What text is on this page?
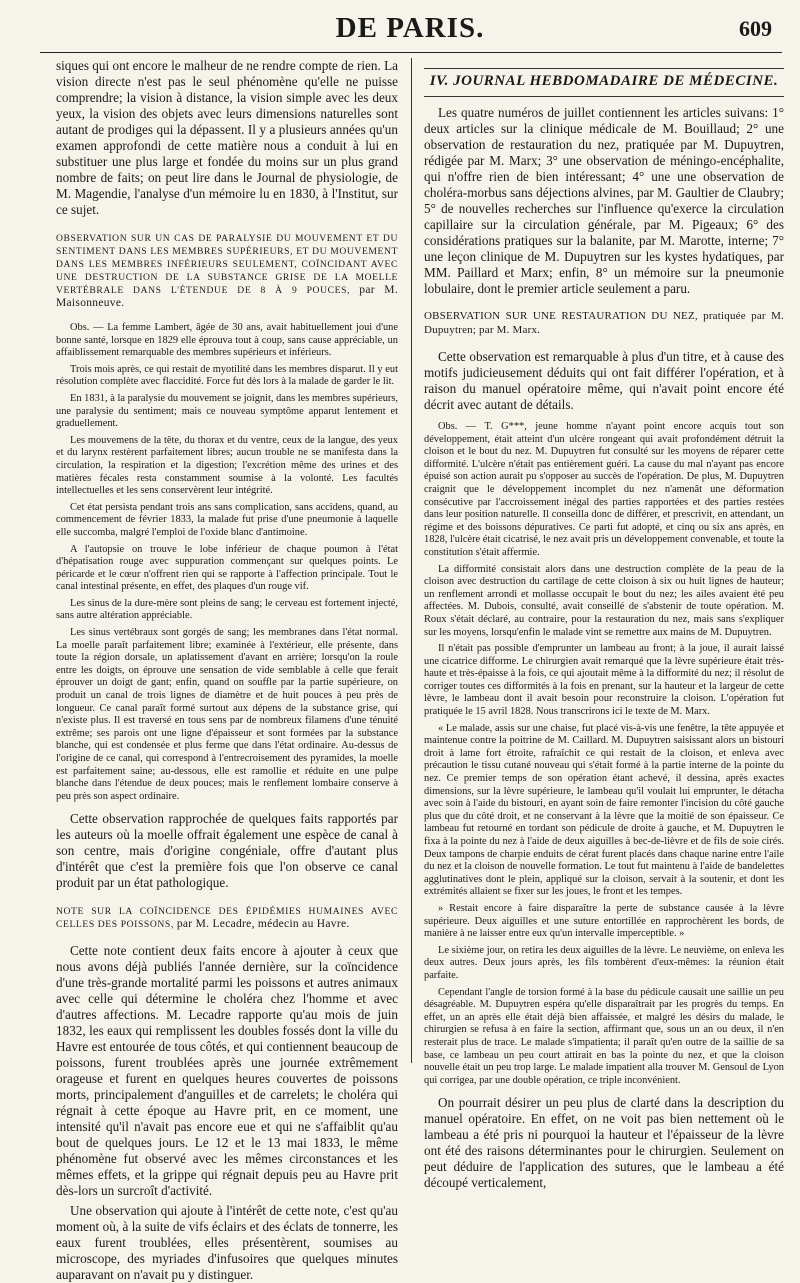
DE PARIS.	609

siques qui ont encore le malheur de ne rendre compte de rien. La vision directe n'est pas le seul phénomène qu'elle ne puisse comprendre; la vision à distance, la vision simple avec les deux yeux, la vision des objets avec leurs dimensions naturelles sont autant de prodiges qui la dépassent. Il y a plusieurs années qu'un examen approfondi de cette matière nous a conduit à lui en substituer une plus large et fondée du moins sur un plus grand nombre de faits; on peut lire dans le Journal de physiologie, de M. Magendie, l'analyse d'un mémoire lu en 1830, à l'Institut, sur ce sujet.

OBSERVATION SUR UN CAS DE PARALYSIE DU MOUVEMENT ET DU SENTIMENT DANS LES MEMBRES SUPÉRIEURS, ET DU MOUVEMENT DANS LES MEMBRES INFÉRIEURS SEULEMENT, COÏNCIDANT AVEC UNE DESTRUCTION DE LA SUBSTANCE GRISE DE LA MOELLE VERTÉBRALE DANS L'ÉTENDUE DE 8 À 9 POUCES, par M. Maisonneuve.

Obs. — La femme Lambert, âgée de 30 ans, avait habituellement joui d'une bonne santé, lorsque en 1829 elle éprouva tout à coup, sans cause appréciable, un affaiblissement remarquable des membres supérieurs et inférieurs.

Trois mois après, ce qui restait de myotilité dans les membres disparut. Il y eut résolution complète avec flaccidité. Force fut dès lors à la malade de garder le lit.

En 1831, à la paralysie du mouvement se joignit, dans les membres supérieurs, une paralysie du sentiment; mais ce nouveau symptôme apparut lentement et graduellement.

Les mouvemens de la tête, du thorax et du ventre, ceux de la langue, des yeux et du larynx restèrent parfaitement libres; aucun trouble ne se manifesta dans la circulation, la respiration et la digestion; l'excrétion même des urines et des matières fécales resta constamment soumise à la volonté. Les facultés intellectuelles et les sens conservèrent leur intégrité.

Cet état persista pendant trois ans sans complication, sans accidens, quand, au commencement de février 1833, la malade fut prise d'une pneumonie à laquelle elle succomba, malgré l'emploi de l'oxide blanc d'antimoine.

A l'autopsie on trouve le lobe inférieur de chaque poumon à l'état d'hépatisation rouge avec suppuration commençant sur quelques points. Le péricarde et le cœur n'offrent rien qui se rapporte à l'affection principale. Tout le canal intestinal présente, en effet, des plaques d'un rouge vif.

Les sinus de la dure-mère sont pleins de sang; le cerveau est fortement injecté, sans autre altération appréciable.

Les sinus vertébraux sont gorgés de sang; les membranes dans l'état normal. La moelle paraît parfaitement libre; examinée à l'extérieur, elle présente, dans toute la région dorsale, un aplatissement d'avant en arrière; lorsqu'on la roule entre les doigts, on éprouve une sensation de vide semblable à celle que ferait éprouver un doigt de gant; enfin, quand on souffle par la partie supérieure, on produit un canal de trois lignes de diamètre et de huit pouces à peu près de longueur. Ce canal paraît formé surtout aux dépens de la substance grise, qui n'existe plus. Il est traversé en tous sens par de nombreux filamens d'une ténuité extrême; ses parois ont une ligne d'épaisseur et sont formées par la substance blanche, qui est condensée et plus ferme que dans l'état ordinaire. Au-dessus de l'origine de ce canal, qui correspond à l'entrecroisement des pyramides, la moelle est parfaitement saine; au-dessous, elle est ramollie et réduite en une pulpe blanche dans l'étendue de deux pouces; mais le renflement lombaire conserve à peu près son aspect ordinaire.

Cette observation rapprochée de quelques faits rapportés par les auteurs où la moelle offrait également une espèce de canal à son centre, mais d'origine congéniale, offre d'autant plus d'intérêt que c'est la première fois que l'on observe ce canal produit par un état pathologique.

NOTE SUR LA COÏNCIDENCE DES ÉPIDÉMIES HUMAINES AVEC CELLES DES POISSONS, par M. Lecadre, médecin au Havre.

Cette note contient deux faits encore à ajouter à ceux que nous avons déjà publiés l'année dernière, sur la coïncidence d'une très-grande mortalité parmi les poissons et autres animaux avec celle qui détermine le choléra chez l'homme et avec d'autres affections. M. Lecadre rapporte qu'au mois de juin 1832, les eaux qui remplissent les doubles fossés dont la ville du Havre est entourée de tous côtés, et qui contiennent beaucoup de poissons, furent troublées après une journée extrêmement orageuse et furent en quelques heures couvertes de poissons morts, principalement d'anguilles et de carrelets; le choléra qui régnait à cette époque au Havre prit, en ce moment, une intensité qu'il n'avait pas encore eue et qui ne s'affaiblit qu'au bout de quelques jours. Le 12 et le 13 mai 1833, le même phénomène fut observé avec les mêmes circonstances et les mêmes effets, et la grippe qui régnait depuis peu au Havre prit dès-lors un surcroît d'activité.

Une observation qui ajoute à l'intérêt de cette note, c'est qu'au moment où, à la suite de vifs éclairs et des éclats de tonnerre, les eaux furent troublées, elles présentèrent, soumises au microscope, des myriades d'infusoires que quelques minutes auparavant on n'avait pu y distinguer.

IV. JOURNAL HEBDOMADAIRE DE MÉDECINE.

Les quatre numéros de juillet contiennent les articles suivans: 1° deux articles sur la clinique médicale de M. Bouillaud; 2° une observation de restauration du nez, pratiquée par M. Dupuytren, rédigée par M. Marx; 3° une observation de méningo-encéphalite, qui n'offre rien de bien intéressant; 4° une une observation de choléra-morbus sans déjections alvines, par M. Gaultier de Claubry; 5° de nouvelles recherches sur l'influence qu'exerce la circulation capillaire sur la circulation générale, par M. Pigeaux; 6° des considérations pratiques sur la balanite, par M. Marotte, interne; 7° une leçon clinique de M. Dupuytren sur les kystes hydatiques, par MM. Paillard et Marx; enfin, 8° un mémoire sur la pneumonie lobulaire, dont le premier article seulement a paru.

OBSERVATION SUR UNE RESTAURATION DU NEZ, pratiquée par M. Dupuytren; par M. Marx.

Cette observation est remarquable à plus d'un titre, et à cause des motifs judicieusement déduits qui ont fait différer l'opération, et à raison du manuel opératoire même, qui n'avait point encore été décrit avec autant de détails.

Obs. — T. G***, jeune homme n'ayant point encore acquis tout son développement, était atteint d'un ulcère rongeant qui avait profondément détruit la cloison et le bout du nez. M. Dupuytren fut consulté sur les moyens de réparer cette difformité. L'ulcère n'était pas entièrement guéri. La cause du mal n'ayant pas encore épuisé son action aurait pu s'opposer au succès de l'opération. De plus, M. Dupuytren craignit que le développement incomplet du nez n'amenât une déformation consécutive par l'accroissement inégal des parties rapportées et des parties restées dans leur position naturelle. Il conseilla donc de différer, et prescrivit, en attendant, un régime et des boissons dépuratives. Ce parti fut adopté, et cinq ou six ans après, en 1828, l'ulcère était cicatrisé, le nez avait pris un développement convenable, et toute la constitution s'était affermie.

La difformité consistait alors dans une destruction complète de la peau de la cloison avec destruction du cartilage de cette cloison à six ou huit lignes de hauteur; un renflement arrondi et mollasse occupait le bout du nez; les ailes avaient été peu affectées. M. Dubois, consulté, avait conseillé de s'abstenir de toute opération. M. Roux s'était déclaré, au contraire, pour la restauration du nez, mais sans s'expliquer sur les moyens, lorsqu'enfin le malade vint se remettre aux mains de M. Dupuytren.

Il n'était pas possible d'emprunter un lambeau au front; à la joue, il aurait laissé une cicatrice difforme. Le chirurgien avait remarqué que la lèvre supérieure était très-haute et très-épaisse à la fois, ce qui ajoutait même à la difformité du nez; il résolut de corriger toutes ces difformités à la fois en prenant, sur la hauteur et la largeur de cette lèvre, le lambeau dont il avait besoin pour reconstruire la cloison. L'opération fut pratiquée le 15 avril 1828. Nous transcrirons ici le texte de M. Marx.

« Le malade, assis sur une chaise, fut placé vis-à-vis une fenêtre, la tête appuyée et maintenue contre la poitrine de M. Caillard. M. Dupuytren saisissant alors un bistouri droit à lame fort étroite, rafraîchit ce qui restait de la cloison, et enleva avec précaution le tissu cutané nouveau qui s'était formé à la partie interne de la pointe du nez. Ce premier temps de son opération étant achevé, il dessina, après exactes dimensions, sur la lèvre supérieure, le lambeau qu'il voulait lui emprunter, le détacha avec soin à l'aide du bistouri, en ayant soin de faire remonter l'incision du côté gauche plus que du côté droit, et ne conservant à la lèvre que la moitié de son épaisseur. Ce lambeau fut retourné en tordant son pédicule de droite à gauche, et M. Dupuytren le fixa à la pointe du nez à l'aide de deux aiguilles à bec-de-lièvre et de fils de soie cirés. Deux tampons de charpie enduits de cérat furent placés dans chaque narine entre l'aile du nez et la cloison de nouvelle formation. Le tout fut maintenu à l'aide de bandelettes agglutinatives dont le plein, appliqué sur la cloison, servait à la soutenir, et dont les extrémités allaient se fixer sur les joues, le front et les tempes.

» Restait encore à faire disparaître la perte de substance causée à la lèvre supérieure. Deux aiguilles et une suture entortillée en rapprochèrent les bords, de manière à ne laisser entre eux qu'un intervalle imperceptible. »

Le sixième jour, on retira les deux aiguilles de la lèvre. Le neuvième, on enleva les deux autres. Deux jours après, les fils tombèrent d'eux-mêmes: la réunion était parfaite.

Cependant l'angle de torsion formé à la base du pédicule causait une saillie un peu désagréable. M. Dupuytren espéra qu'elle disparaîtrait par les progrès du temps. En effet, un an après elle était déjà bien affaissée, et malgré les désirs du malade, le chirurgien se refusa à en faire la section, affirmant que, sous un an ou deux, il n'en resterait plus de trace. Le malade s'impatienta; il paraît qu'en outre de la saillie de sa base, ce lambeau un peu court attirait en bas la pointe du nez, et que la cloison nouvelle était un peu trop large. Le malade impatient alla trouver M. Gensoul de Lyon qui corrigea, par une double opération, ce triple inconvénient.

On pourrait désirer un peu plus de clarté dans la description du manuel opératoire. En effet, on ne voit pas bien nettement où le lambeau a été pris ni pourquoi la hauteur et l'épaisseur de la lèvre ont été des raisons déterminantes pour le chirurgien. Seulement on peut déduire de l'application des sutures, que le lambeau a été découpé verticalement,
